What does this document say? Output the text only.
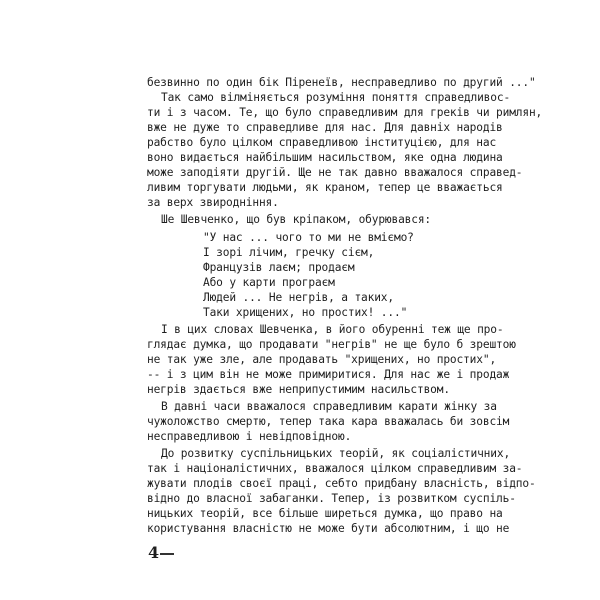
безвинно по один бік Піренеїв, несправедливо по другий ..."
Так само вілміняється розуміння поняття справедливос-
ти і з часом. Те, що було справедливим для греків чи римлян,
вже не дуже то справедливе для нас. Для давніх народів
рабство було цілком справедливою інституцією, для нас
воно видається найбільшим насильством, яке одна людина
може заподіяти другій. Ще не так давно вважалося справед-
ливим торгувати людьми, як краном, тепер це вважається
за верх звиродніння.
Ше Шевченко, що був кріпаком, обурювався:
"У нас ... чого то ми не вміємо?
І зорі лічим, гречку сієм,
Французів лаєм; продаєм
Або у карти програєм
Людей ... Не негрів, а таких,
Таки хрищених, но простих! ..."
І в цих словах Шевченка, в його обуренні теж ще про-
глядає думка, що продавати "негрів" не ще було б зрештою
не так уже зле, але продавать "хрищених, но простих",
-- і з цим він не може примиритися. Для нас же і продаж
негрів здається вже неприпустимим насильством.
В давні часи вважалося справедливим карати жінку за
чужоложство смертю, тепер така кара вважалась би зовсім
несправедливою і невідповідною.
До розвитку суспільницьких теорій, як соціалістичних,
так і націоналістичних, вважалося цілком справедливим за-
жувати плодів своєї праці, себто придбану власність, відпо-
відно до власної забаганки. Тепер, із розвитком суспіль-
ницьких теорій, все більше ширеться думка, що право на
користування власністю не може бути абсолютним, і що не
4
